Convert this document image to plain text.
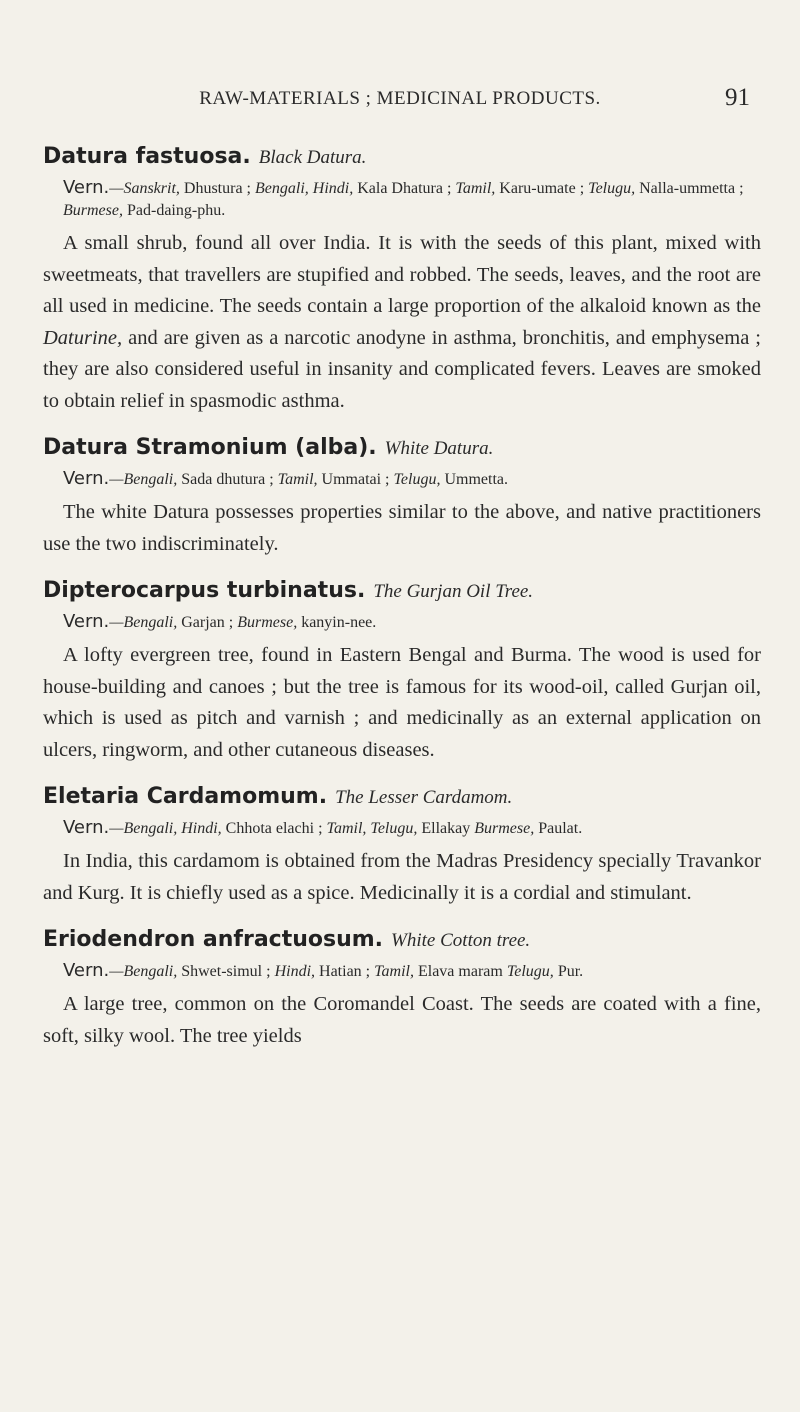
RAW-MATERIALS ; MEDICINAL PRODUCTS.	91

Datura fastuosa. Black Datura.

Vern.—Sanskrit, Dhustura ; Bengali, Hindi, Kala Dhatura ; Tamil, Karu-umate ; Telugu, Nalla-ummetta ; Burmese, Pad-daing-phu.

A small shrub, found all over India. It is with the seeds of this plant, mixed with sweetmeats, that travellers are stupified and robbed. The seeds, leaves, and the root are all used in medicine. The seeds contain a large proportion of the alkaloid known as the Daturine, and are given as a narcotic anodyne in asthma, bronchitis, and emphysema ; they are also considered useful in insanity and complicated fevers. Leaves are smoked to obtain relief in spasmodic asthma.

Datura Stramonium (alba). White Datura.

Vern.—Bengali, Sada dhutura ; Tamil, Ummatai ; Telugu, Ummetta.

The white Datura possesses properties similar to the above, and native practitioners use the two indiscriminately.

Dipterocarpus turbinatus. The Gurjan Oil Tree.

Vern.—Bengali, Garjan ; Burmese, kanyin-nee.

A lofty evergreen tree, found in Eastern Bengal and Burma. The wood is used for house-building and canoes ; but the tree is famous for its wood-oil, called Gurjan oil, which is used as pitch and varnish ; and medicinally as an external application on ulcers, ringworm, and other cutaneous diseases.

Eletaria Cardamomum. The Lesser Cardamom.

Vern.—Bengali, Hindi, Chhota elachi ; Tamil, Telugu, Ellakay Burmese, Paulat.

In India, this cardamom is obtained from the Madras Presidency specially Travankor and Kurg. It is chiefly used as a spice. Medicinally it is a cordial and stimulant.

Eriodendron anfractuosum. White Cotton tree.

Vern.—Bengali, Shwet-simul ; Hindi, Hatian ; Tamil, Elava maram Telugu, Pur.

A large tree, common on the Coromandel Coast. The seeds are coated with a fine, soft, silky wool. The tree yields
